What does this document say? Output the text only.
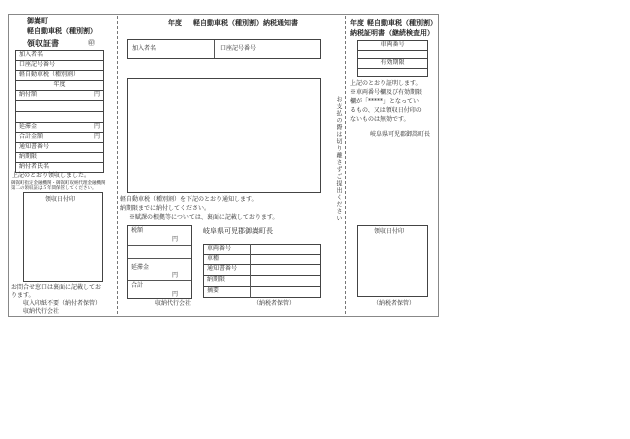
御嵩町
軽自動車税（種別割）
領収証書	㊞
加入者名
口座記号番号
軽自動車税（種別割）
年度
納付額	円
延滞金	円
合計金額	円
通知書番号
納期限
納付者氏名
上記のとおり領収しました。
御嵩町指定金融機関・御嵩町収納代理金融機関
第二の領収証は５年間保管してください。
領収日付印
お問合せ窓口は裏面に記載してお
ります。
収入印紙不要（納付者保管）
収納代行会社
年度 軽自動車税（種別割）納税通知書
加入者名	口座記号番号
軽自動車税（種別割）を下記のとおり通知します。
納期限までに納付してください。
※賦課の根拠等については、裏面に記載しております。
税額
円
延滞金
円
合計
円
岐阜県可児郡御嵩町長
車両番号
車種
通知書番号
納期限
摘要
収納代行会社	（納税者保管）
お支払の際は切り離さずご提出ください
年度 軽自動車税（種別割）
納税証明書（継続検査用）
車両番号
有効期限
上記のとおり証明します。
※車両番号欄及び有効期限
欄が「*****」となってい
るもの、又は領収日付印の
ないものは無効です。
岐阜県可児郡御嵩町長
領収日付印
（納税者保管）
